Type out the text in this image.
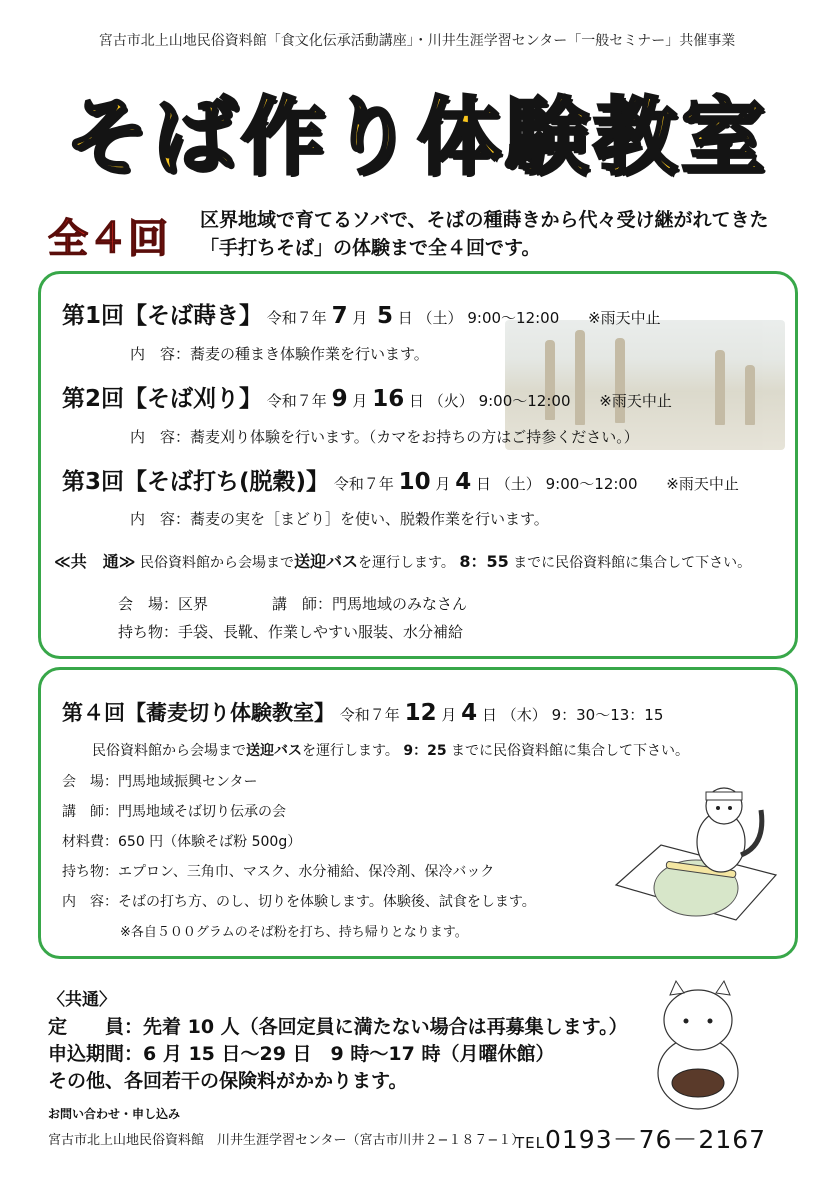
宮古市北上山地民俗資料館「食文化伝承活動講座」・川井生涯学習センター「一般セミナー」共催事業
そば作り体験教室
全４回 区界地域で育てるソバで、そばの種蒔きから代々受け継がれてきた「手打ちそば」の体験まで全４回です。
第1回【そば蒔き】 令和７年 7 月 5 日 （土） 9:00～12:00 ※雨天中止
内　容：蕎麦の種まき体験作業を行います。
第2回【そば刈り】 令和７年 9 月 16 日 （火） 9:00～12:00 ※雨天中止
内　容：蕎麦刈り体験を行います。（カマをお持ちの方はご持参ください。）
第3回【そば打ち(脱穀)】 令和７年 10 月 4 日 （土） 9:00～12:00 ※雨天中止
内　容：蕎麦の実を［まどり］を使い、脱穀作業を行います。
≪共　通≫ 民俗資料館から会場まで送迎バスを運行します。 8：55 までに民俗資料館に集合して下さい。
会　場：区界	講　師：門馬地域のみなさん
持ち物：手袋、長靴、作業しやすい服装、水分補給
第４回【蕎麦切り体験教室】 令和７年 12 月 4 日 （木） 9：30～13：15
民俗資料館から会場まで送迎バスを運行します。 9：25 までに民俗資料館に集合して下さい。
会　場：門馬地域振興センター
講　師：門馬地域そば切り伝承の会
材料費：650 円（体験そば粉 500g）
持ち物：エプロン、三角巾、マスク、水分補給、保冷剤、保冷バック
内　容：そばの打ち方、のし、切りを体験します。体験後、試食をします。
※各自５００グラムのそば粉を打ち、持ち帰りとなります。
〈共通〉
定　　員：先着 10 人（各回定員に満たない場合は再募集します。）
申込期間：6 月 15 日～29 日　9 時～17 時（月曜休館）
その他、各回若干の保険料がかかります。
お問い合わせ・申し込み
宮古市北上山地民俗資料館　川井生涯学習センター（宮古市川井２−１８７−１）
TEL0193－76－2167
